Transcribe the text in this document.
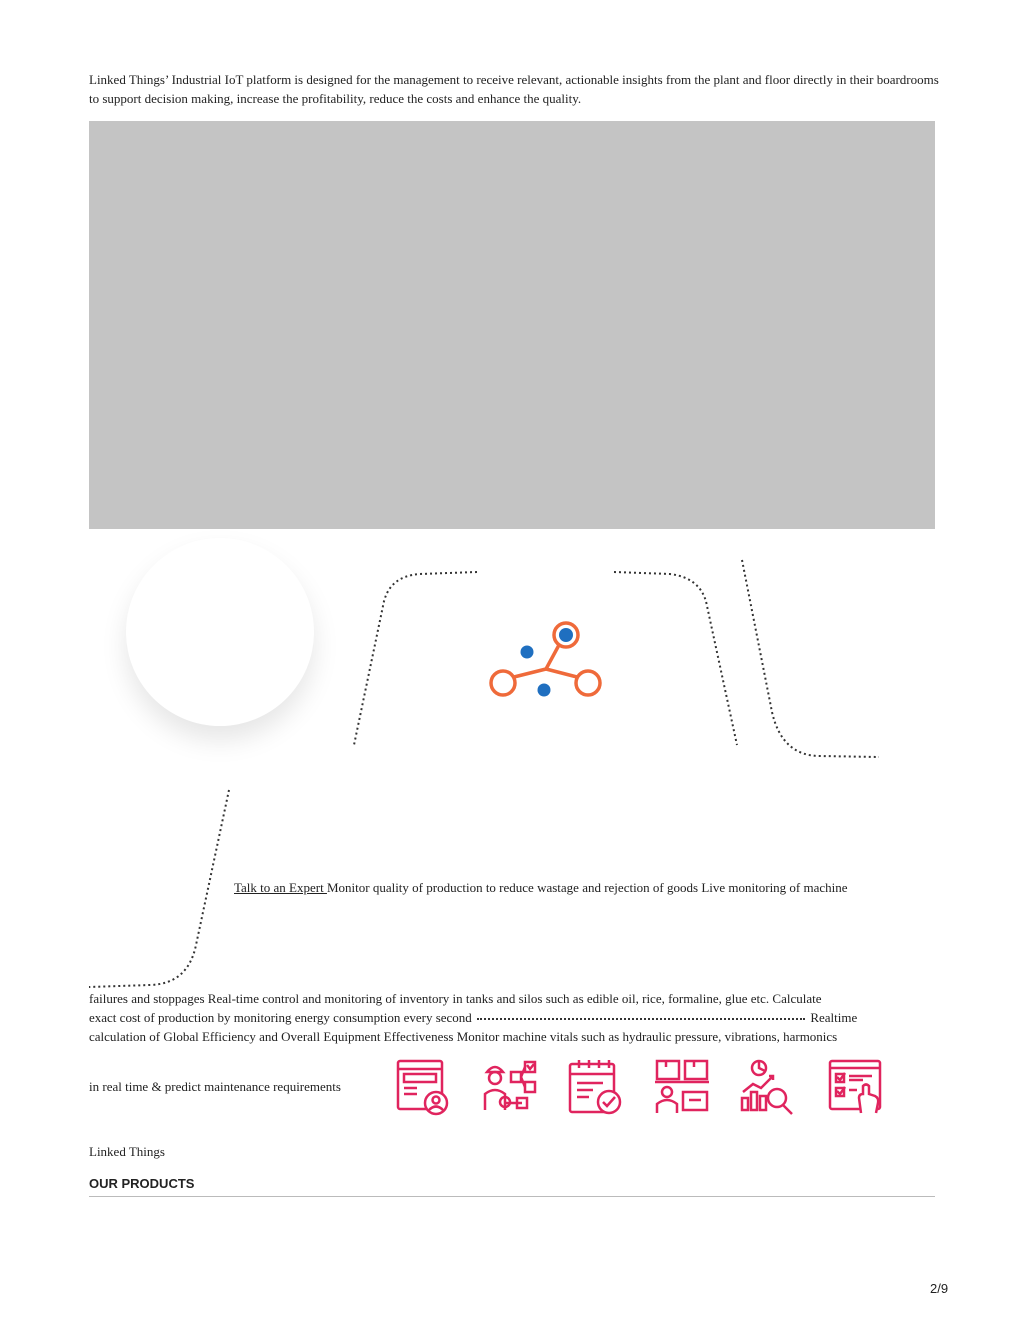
Linked Things’ Industrial IoT platform is designed for the management to receive relevant, actionable insights from the plant and floor directly in their boardrooms to support decision making, increase the profitability, reduce the costs and enhance the quality.
Talk to an Expert Monitor quality of production to reduce wastage and rejection of goods Live monitoring of machine
failures and stoppages Real-time control and monitoring of inventory in tanks and silos such as edible oil, rice, formaline, glue etc. Calculate
exact cost of production by monitoring energy consumption every second	Realtime
calculation of Global Efficiency and Overall Equipment Effectiveness Monitor machine vitals such as hydraulic pressure, vibrations, harmonics
in real time & predict maintenance requirements
Linked Things
OUR PRODUCTS
2/9
